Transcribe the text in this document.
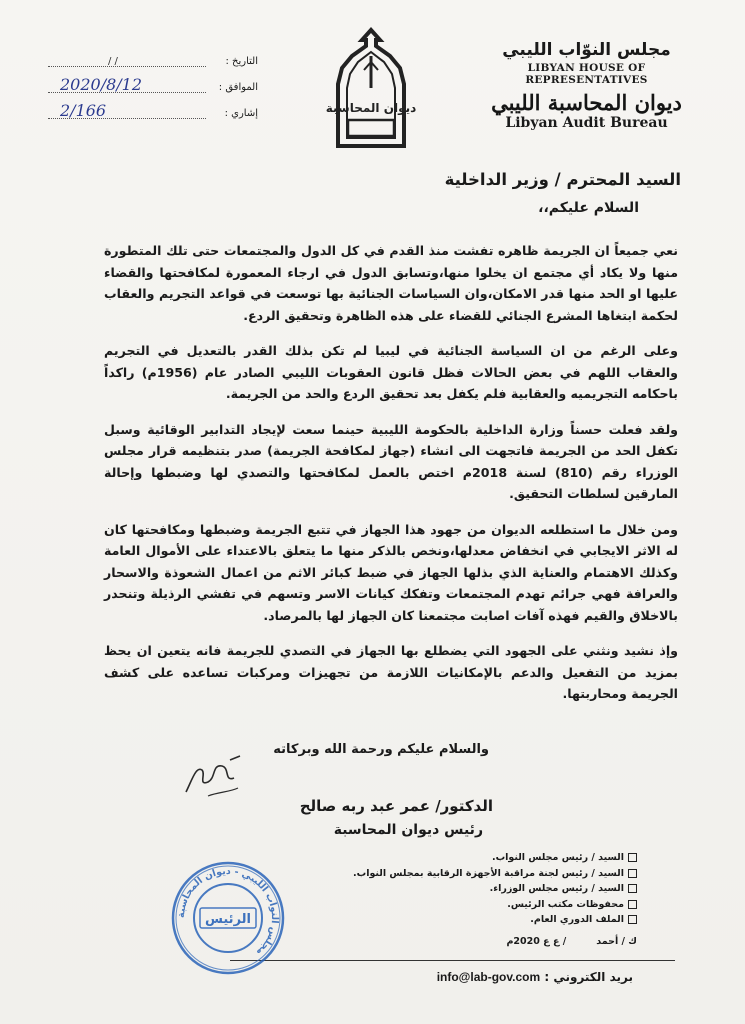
مجلس النوّاب الليبي
LIBYAN HOUSE OF REPRESENTATIVES
ديوان المحاسبة الليبي
Libyan Audit Bureau
ديوان المحاسبة
التاريخ :
/ /
الموافق :
2020/8/12
إشاري :
2/166
السيد المحترم / وزير الداخلية
السلام عليكم،،

نعي جميعاً ان الجريمة ظاهره تفشت منذ القدم في كل الدول والمجتمعات حتى تلك المتطورة منها ولا يكاد أي مجتمع ان يخلوا منها،وتسابق الدول في ارجاء المعمورة لمكافحتها والقضاء عليها او الحد منها قدر الامكان،وان السياسات الجنائية بها توسعت في قواعد التجريم والعقاب لحكمة ابتغاها المشرع الجنائي للقضاء على هذه الظاهرة وتحقيق الردع.

وعلى الرغم من ان السياسة الجنائية في ليبيا لم تكن بذلك القدر بالتعديل في التجريم والعقاب اللهم في بعض الحالات فظل قانون العقوبات الليبي الصادر عام (1956م) راكداً باحكامه التجريميه والعقابية فلم يكفل بعد تحقيق الردع والحد من الجريمة.

ولقد فعلت حسناً وزارة الداخلية بالحكومة الليبية حينما سعت لإيجاد التدابير الوقائية وسبل تكفل الحد من الجريمة فاتجهت الى انشاء (جهاز لمكافحة الجريمة) صدر بتنظيمه قرار مجلس الوزراء رقم (810) لسنة 2018م اختص بالعمل لمكافحتها والتصدي لها وضبطها وإحالة المارقين لسلطات التحقيق.

ومن خلال ما استطلعه الديوان من جهود هذا الجهاز في تتبع الجريمة وضبطها ومكافحتها كان له الاثر الايجابي في انخفاض معدلها،ونخص بالذكر منها ما يتعلق بالاعتداء على الأموال العامة وكذلك الاهتمام والعناية الذي بذلها الجهاز في ضبط كبائر الاثم من اعمال الشعوذة والاسحار والعرافة فهي جرائم تهدم المجتمعات وتفكك كيانات الاسر وتسهم في تفشي الرذيلة وتنحدر بالاخلاق والقيم فهذه آفات اصابت مجتمعنا كان الجهاز لها بالمرصاد.

وإذ نشيد ونثني على الجهود التي يضطلع بها الجهاز في التصدي للجريمة فانه يتعين ان يحظ بمزيد من التفعيل والدعم بالإمكانيات اللازمة من تجهيزات ومركبات تساعده على كشف الجريمة ومحاربتها.

والسلام عليكم ورحمة الله وبركاته
الدكتور/ عمر عبد ربه صالح
رئيس ديوان المحاسبة
السيد / رئيس مجلس النواب.
السيد / رئيس لجنة مراقبة الأجهزة الرقابية بمجلس النواب.
السيد / رئيس مجلس الوزراء.
محفوظات مكتب الرئيس.
الملف الدوري العام.
ك / أحمد/ ع ع 2020م
بريد الكتروني : info@lab-gov.com
مجلس النواب الليبي - ديوان المحاسبة
الرئيس
